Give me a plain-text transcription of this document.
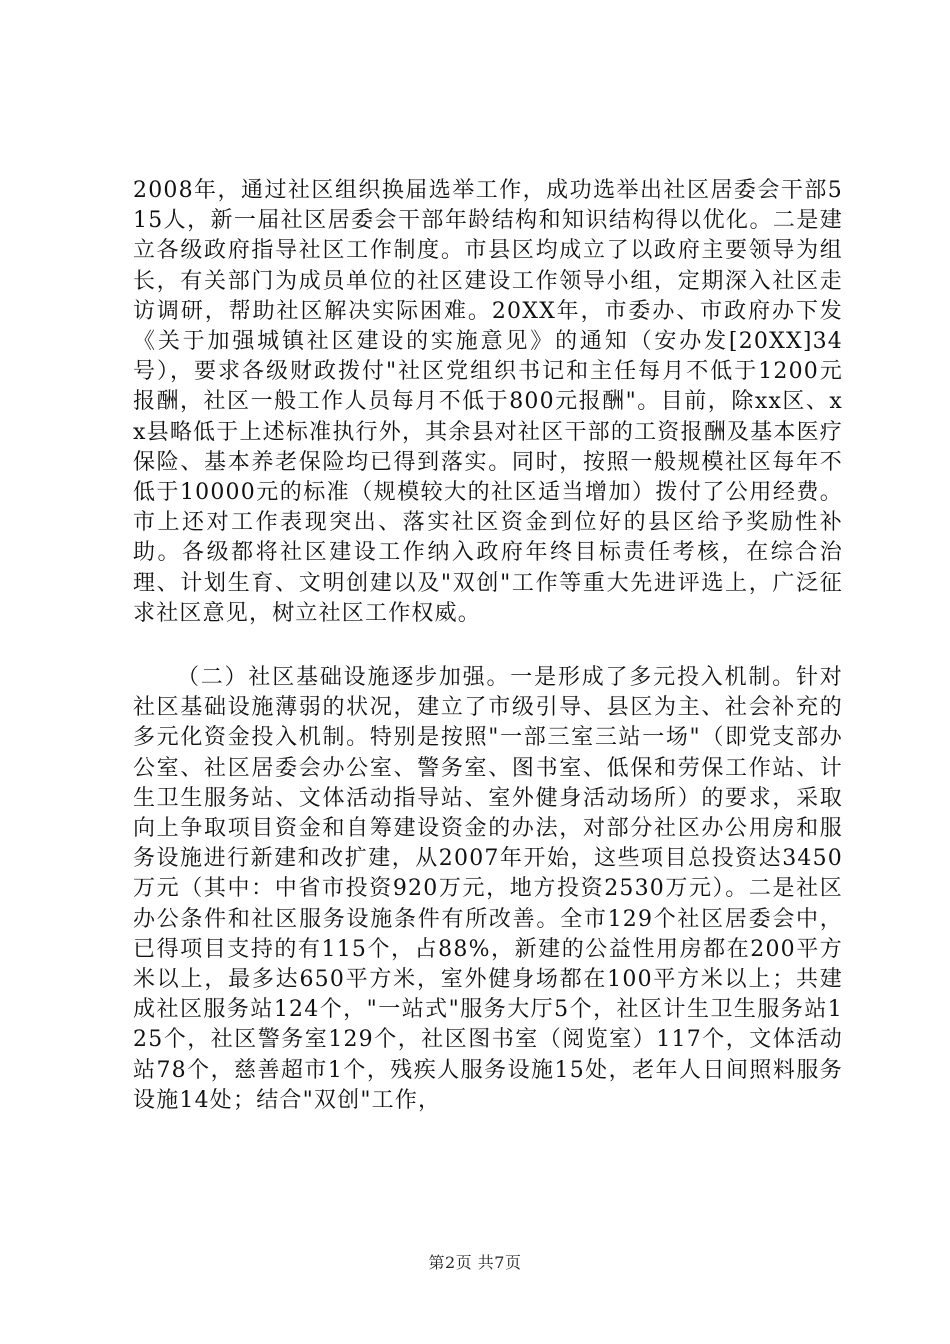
2008年，通过社区组织换届选举工作，成功选举出社区居委会干部515人，新一届社区居委会干部年龄结构和知识结构得以优化。二是建立各级政府指导社区工作制度。市县区均成立了以政府主要领导为组长，有关部门为成员单位的社区建设工作领导小组，定期深入社区走访调研，帮助社区解决实际困难。20XX年，市委办、市政府办下发《关于加强城镇社区建设的实施意见》的通知（安办发[20XX]34号），要求各级财政拨付"社区党组织书记和主任每月不低于1200元报酬，社区一般工作人员每月不低于800元报酬"。目前，除xx区、xx县略低于上述标准执行外，其余县对社区干部的工资报酬及基本医疗保险、基本养老保险均已得到落实。同时，按照一般规模社区每年不低于10000元的标准（规模较大的社区适当增加）拨付了公用经费。市上还对工作表现突出、落实社区资金到位好的县区给予奖励性补助。各级都将社区建设工作纳入政府年终目标责任考核，在综合治理、计划生育、文明创建以及"双创"工作等重大先进评选上，广泛征求社区意见，树立社区工作权威。

（二）社区基础设施逐步加强。一是形成了多元投入机制。针对社区基础设施薄弱的状况，建立了市级引导、县区为主、社会补充的多元化资金投入机制。特别是按照"一部三室三站一场"（即党支部办公室、社区居委会办公室、警务室、图书室、低保和劳保工作站、计生卫生服务站、文体活动指导站、室外健身活动场所）的要求，采取向上争取项目资金和自筹建设资金的办法，对部分社区办公用房和服务设施进行新建和改扩建，从2007年开始，这些项目总投资达3450万元（其中：中省市投资920万元，地方投资2530万元）。二是社区办公条件和社区服务设施条件有所改善。全市129个社区居委会中，已得项目支持的有115个，占88%，新建的公益性用房都在200平方米以上，最多达650平方米，室外健身场都在100平方米以上；共建成社区服务站124个，"一站式"服务大厅5个，社区计生卫生服务站125个，社区警务室129个，社区图书室（阅览室）117个，文体活动站78个，慈善超市1个，残疾人服务设施15处，老年人日间照料服务设施14处；结合"双创"工作，

第2页 共7页
